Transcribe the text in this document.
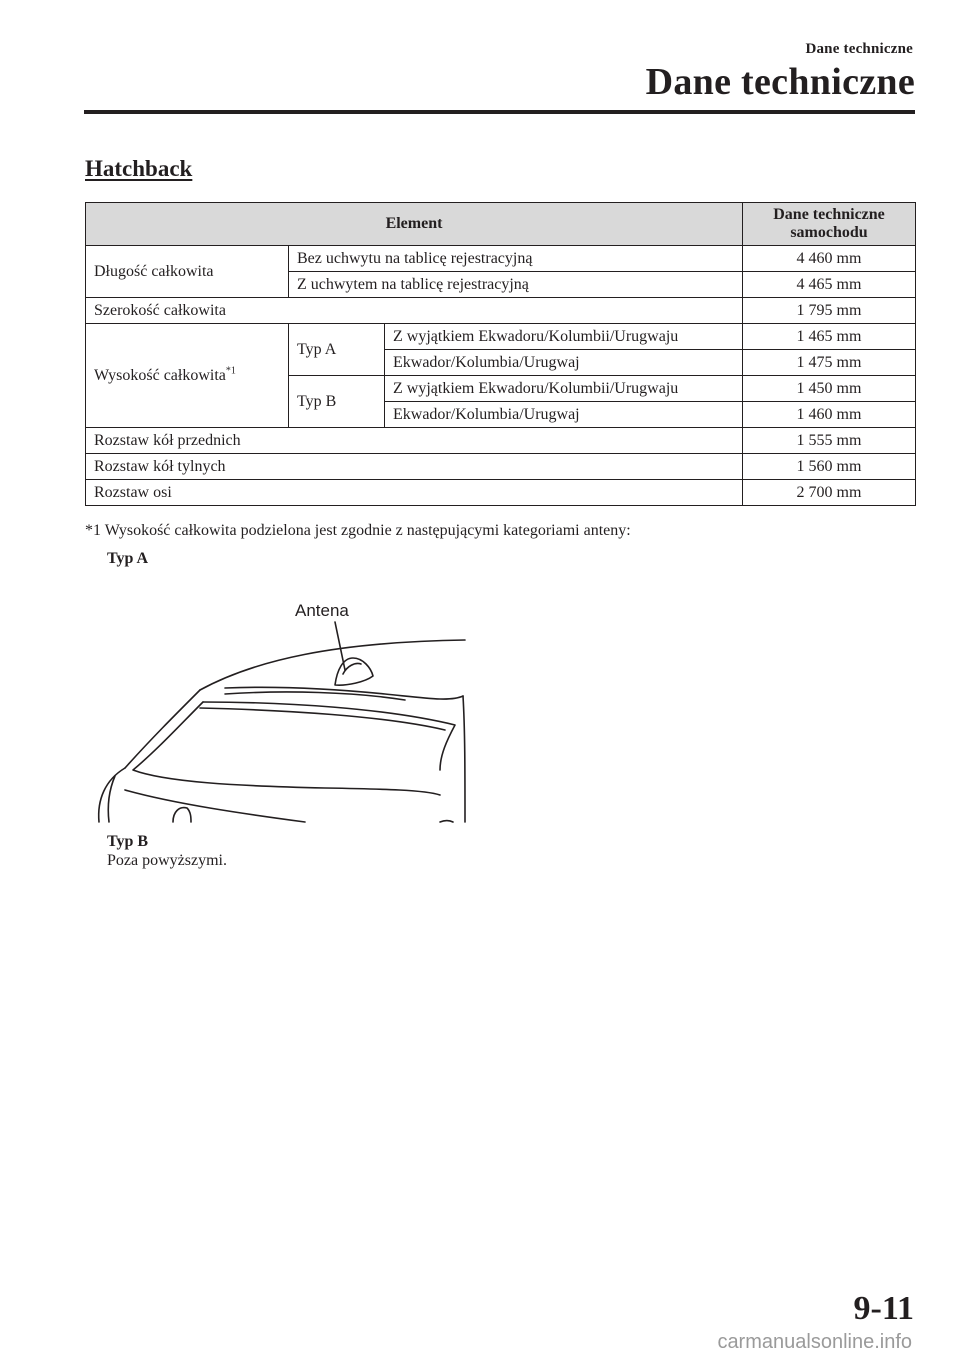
Dane techniczne
Dane techniczne
Hatchback
Element			Dane techniczne samochodu
Długość całkowita	Bez uchwytu na tablicę rejestracyjną		4 460 mm
	Z uchwytem na tablicę rejestracyjną		4 465 mm
Szerokość całkowita			1 795 mm
Wysokość całkowita$^{*1}$	Typ A	Z wyjątkiem Ekwadoru/Kolumbii/Urugwaju	1 465 mm
		Ekwador/Kolumbia/Urugwaj	1 475 mm
	Typ B	Z wyjątkiem Ekwadoru/Kolumbii/Urugwaju	1 450 mm
		Ekwador/Kolumbia/Urugwaj	1 460 mm
Rozstaw kół przednich			1 555 mm
Rozstaw kół tylnych			1 560 mm
Rozstaw osi			2 700 mm
*1 Wysokość całkowita podzielona jest zgodnie z następującymi kategoriami anteny:
Typ A
Antena
Typ B
Poza powyższymi.
9-11
carmanualsonline.info
